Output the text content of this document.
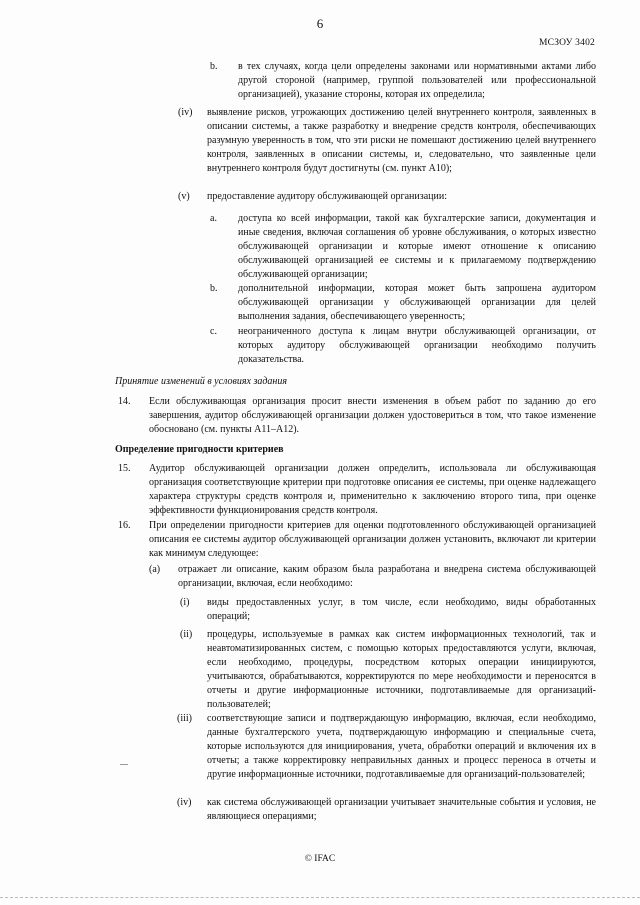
6
МСЗОУ 3402
b. в тех случаях, когда цели определены законами или нормативными актами либо другой стороной (например, группой пользователей или профессиональной организацией), указание стороны, которая их определила;
(iv) выявление рисков, угрожающих достижению целей внутреннего контроля, заявленных в описании системы, а также разработку и внедрение средств контроля, обеспечивающих разумную уверенность в том, что эти риски не помешают достижению целей внутреннего контроля, заявленных в описании системы, и, следовательно, что заявленные цели внутреннего контроля будут достигнуты (см. пункт А10);
(v) предоставление аудитору обслуживающей организации:
a. доступа ко всей информации, такой как бухгалтерские записи, документация и иные сведения, включая соглашения об уровне обслуживания, о которых известно обслуживающей организации и которые имеют отношение к описанию обслуживающей организацией ее системы и к прилагаемому подтверждению обслуживающей организации;
b. дополнительной информации, которая может быть запрошена аудитором обслуживающей организации у обслуживающей организации для целей выполнения задания, обеспечивающего уверенность;
c. неограниченного доступа к лицам внутри обслуживающей организации, от которых аудитору обслуживающей организации необходимо получить доказательства.
Принятие изменений в условиях задания
14. Если обслуживающая организация просит внести изменения в объем работ по заданию до его завершения, аудитор обслуживающей организации должен удостовериться в том, что такое изменение обосновано (см. пункты А11–А12).
Определение пригодности критериев
15. Аудитор обслуживающей организации должен определить, использовала ли обслуживающая организация соответствующие критерии при подготовке описания ее системы, при оценке надлежащего характера структуры средств контроля и, применительно к заключению второго типа, при оценке эффективности функционирования средств контроля.
16. При определении пригодности критериев для оценки подготовленного обслуживающей организацией описания ее системы аудитор обслуживающей организации должен установить, включают ли критерии как минимум следующее:
(a) отражает ли описание, каким образом была разработана и внедрена система обслуживающей организации, включая, если необходимо:
(i) виды предоставленных услуг, в том числе, если необходимо, виды обработанных операций;
(ii) процедуры, используемые в рамках как систем информационных технологий, так и неавтоматизированных систем, с помощью которых предоставляются услуги, включая, если необходимо, процедуры, посредством которых операции инициируются, учитываются, обрабатываются, корректируются по мере необходимости и переносятся в отчеты и другие информационные источники, подготавливаемые для организаций-пользователей;
(iii) соответствующие записи и подтверждающую информацию, включая, если необходимо, данные бухгалтерского учета, подтверждающую информацию и специальные счета, которые используются для инициирования, учета, обработки операций и включения их в отчеты; а также корректировку неправильных данных и процесс переноса в отчеты и другие информационные источники, подготавливаемые для организаций-пользователей;
(iv) как система обслуживающей организации учитывает значительные события и условия, не являющиеся операциями;
© IFAC
